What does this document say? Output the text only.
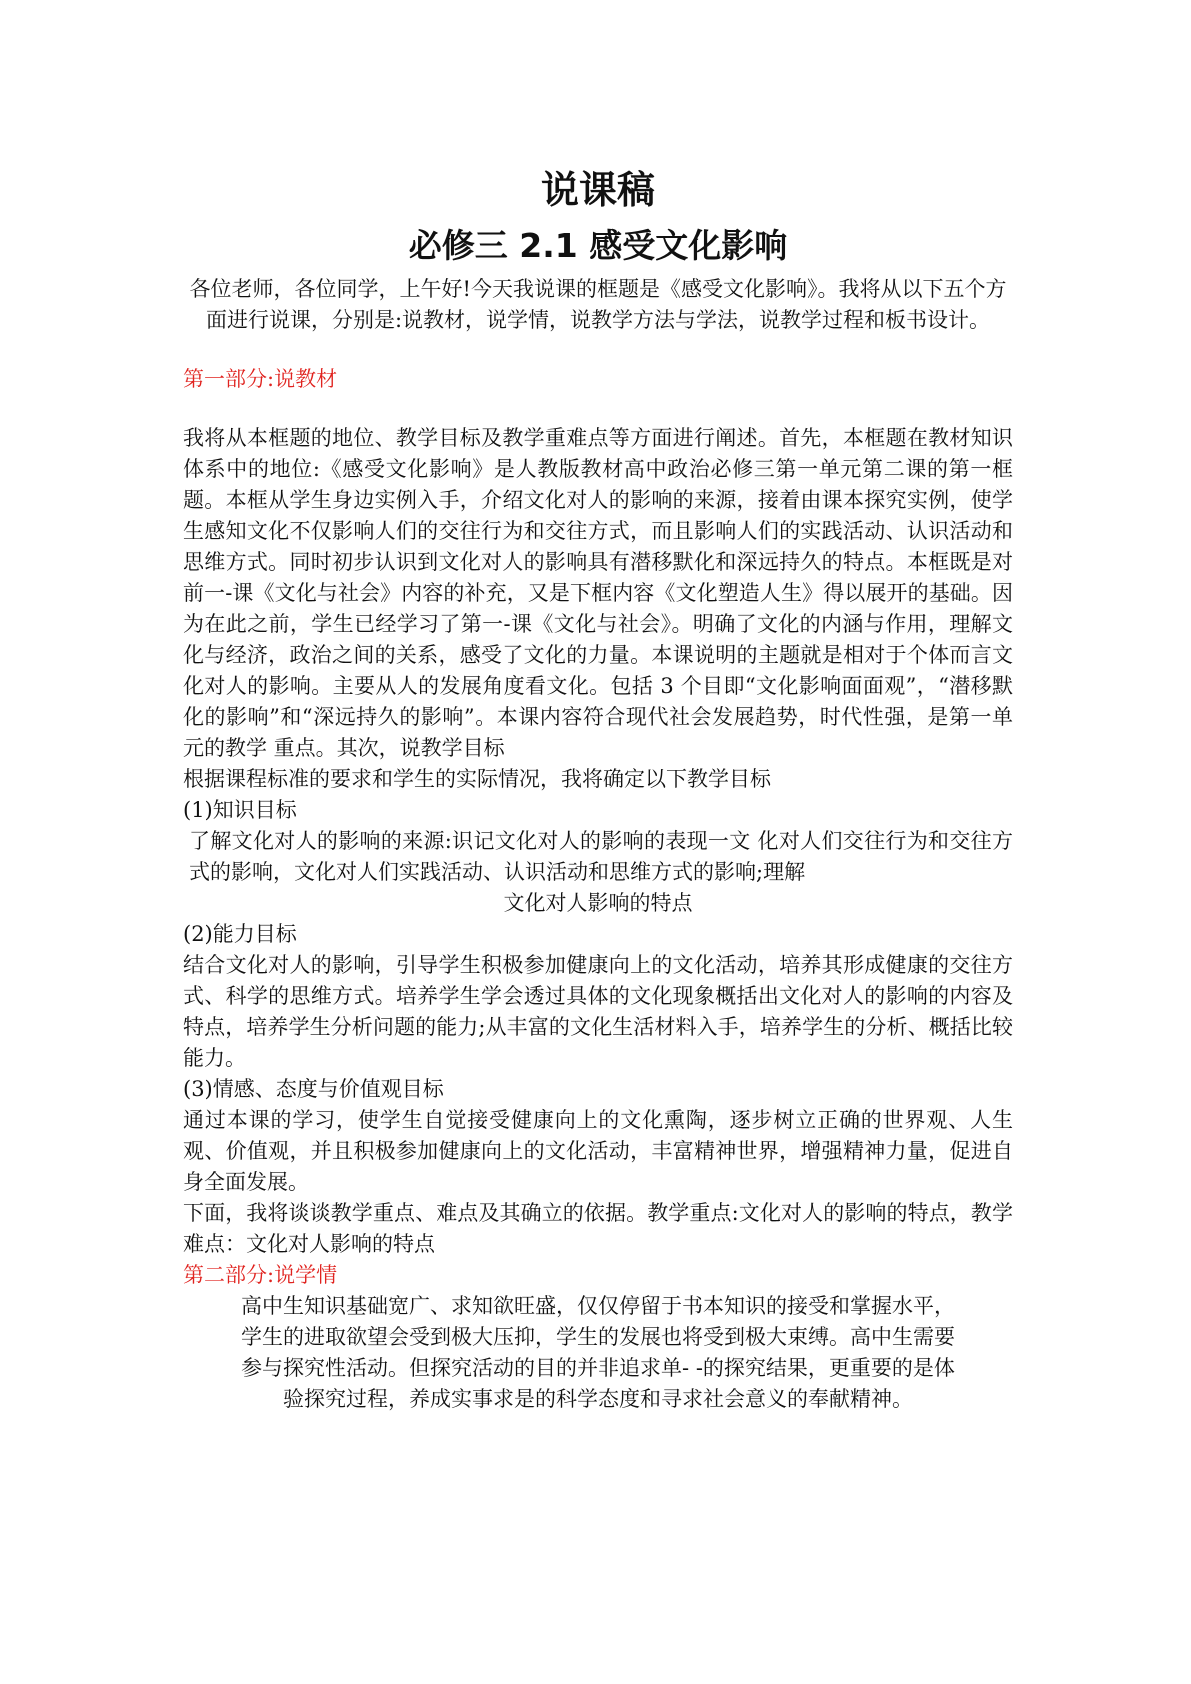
说课稿
必修三 2.1 感受文化影响

各位老师，各位同学，上午好!今天我说课的框题是《感受文化影响》。我将从以下五个方面进行说课，分别是:说教材，说学情，说教学方法与学法，说教学过程和板书设计。

第一部分:说教材

我将从本框题的地位、教学目标及教学重难点等方面进行阐述。首先，本框题在教材知识体系中的地位:《感受文化影响》是人教版教材高中政治必修三第一单元第二课的第一框题。本框从学生身边实例入手，介绍文化对人的影响的来源，接着由课本探究实例，使学生感知文化不仅影响人们的交往行为和交往方式，而且影响人们的实践活动、认识活动和思维方式。同时初步认识到文化对人的影响具有潜移默化和深远持久的特点。本框既是对前一-课《文化与社会》内容的补充，又是下框内容《文化塑造人生》得以展开的基础。因为在此之前，学生已经学习了第一-课《文化与社会》。明确了文化的内涵与作用，理解文化与经济，政治之间的关系，感受了文化的力量。本课说明的主题就是相对于个体而言文化对人的影响。主要从人的发展角度看文化。包括 3 个目即“文化影响面面观”，“潜移默化的影响”和“深远持久的影响”。本课内容符合现代社会发展趋势，时代性强，是第一单元的教学 重点。其次，说教学目标

根据课程标准的要求和学生的实际情况，我将确定以下教学目标

(1)知识目标

了解文化对人的影响的来源:识记文化对人的影响的表现一文 化对人们交往行为和交往方式的影响，文化对人们实践活动、认识活动和思维方式的影响;理解

文化对人影响的特点

(2)能力目标

结合文化对人的影响，引导学生积极参加健康向上的文化活动，培养其形成健康的交往方式、科学的思维方式。培养学生学会透过具体的文化现象概括出文化对人的影响的内容及特点，培养学生分析问题的能力;从丰富的文化生活材料入手，培养学生的分析、概括比较能力。

(3)情感、态度与价值观目标

通过本课的学习，使学生自觉接受健康向上的文化熏陶，逐步树立正确的世界观、人生观、价值观，并且积极参加健康向上的文化活动，丰富精神世界，增强精神力量，促进自身全面发展。

下面，我将谈谈教学重点、难点及其确立的依据。教学重点:文化对人的影响的特点，教学难点：文化对人影响的特点

第二部分:说学情

高中生知识基础宽广、求知欲旺盛，仅仅停留于书本知识的接受和掌握水平，

学生的进取欲望会受到极大压抑，学生的发展也将受到极大束缚。高中生需要

参与探究性活动。但探究活动的目的并非追求单- -的探究结果，更重要的是体

验探究过程，养成实事求是的科学态度和寻求社会意义的奉献精神。
